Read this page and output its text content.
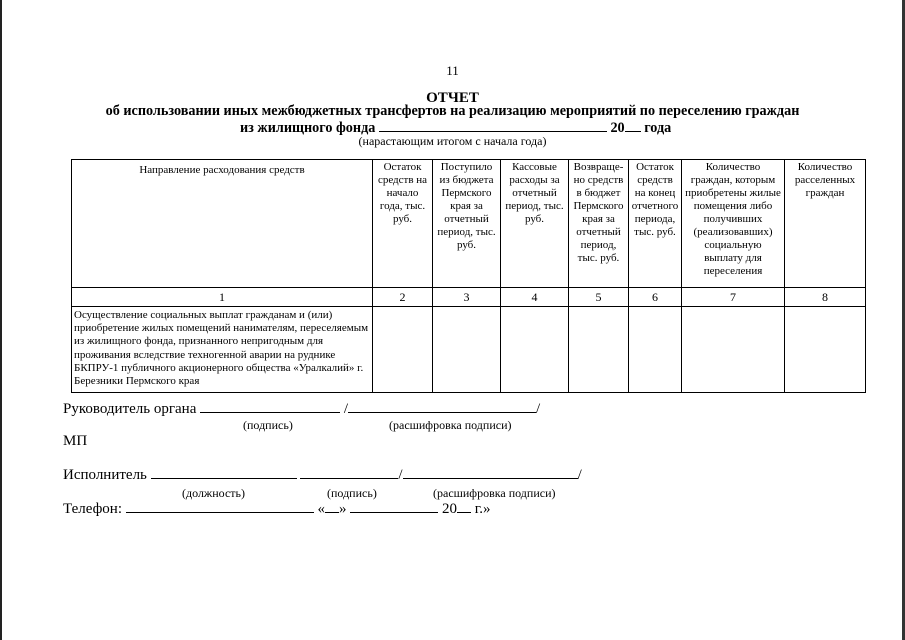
11
ОТЧЕТ
об использовании иных межбюджетных трансфертов на реализацию мероприятий по переселению граждан
из жилищного фонда	20 года
(нарастающим итогом с начала года)
Направление расходования средств	Остаток средств на начало года, тыс. руб.	Поступило из бюджета Пермского края за отчетный период, тыс. руб.	Кассовые расходы за отчетный период, тыс. руб.	Возвраще-но средств в бюджет Пермского края за отчетный период, тыс. руб.	Остаток средств на конец отчетного периода, тыс. руб.	Количество граждан, которым приобретены жилые помещения либо получивших (реализовавших) социальную выплату для переселения	Количество расселенных граждан
1	2	3	4	5	6	7	8
Осуществление социальных выплат гражданам и (или) приобретение жилых помещений нанимателям, переселяемым из жилищного фонда, признанного непригодным для проживания вследствие техногенной аварии на руднике БКПРУ-1 публичного акционерного общества «Уралкалий» г. Березники Пермского края							
Руководитель органа	/	/
(подпись)	(расшифровка подписи)
МП
Исполнитель	/	/
(должность)	(подпись)	(расшифровка подписи)
Телефон:	« »	20 г.»
